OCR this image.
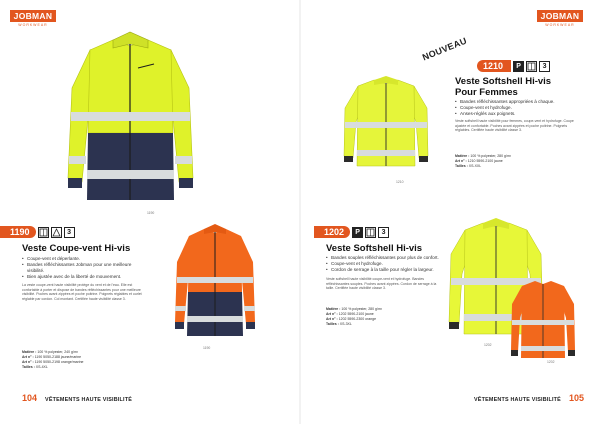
JOBMAN
WORKWEAR
1190
1190	3
Veste Coupe-vent Hi-vis
• Coupe-vent et déperlante.
• Bandes réfléchissantes Jobman pour une meilleure visibilité.
• Bien ajustée avec de la liberté de mouvement.
La veste coupe-vent haute visibilité protège du vent et de l'eau. Elle est confortable à porter et dispose de bandes réfléchissantes pour une meilleure visibilité. Poches avant zippées et poche poitrine. Poignets réglables et ourlet réglable par cordon. Col montant. Certifiée haute visibilité classe 3.
Matière : 100 % polyester, 240 g/m²
Art n° : 1190 5050-2188 jaune/marine
Art n° : 1190 5050-2198 orange/marine
Tailles : XS-4XL
1190
104 VÊTEMENTS HAUTE VISIBILITÉ
JOBMAN
WORKWEAR
NOUVEAU
1210
1210	P	3
Veste Softshell Hi-vis
Pour Femmes
• Bandes réfléchissantes appropriées à chaque.
• Coupe-vent et hydrofuge.
• Anses-réglés aux poignets.
Veste softshell haute visibilité pour femmes, coupe-vent et hydrofuge. Coupe ajustée et confortable. Poches avant zippées et poche poitrine. Poignets réglables. Certifiée haute visibilité classe 3.
Matière : 100 % polyester, 280 g/m²
Art n° : 1210 5590-2100 jaune
Tailles : XS-XXL
1202	P	3
Veste Softshell Hi-vis
• Bandes souples réfléchissantes pour plus de confort.
• Coupe-vent et hydrofuge.
• Cordon de serrage à la taille pour régler la largeur.
Veste softshell haute visibilité coupe-vent et hydrofuge. Bandes réfléchissantes souples. Poches avant zippées. Cordon de serrage à la taille. Certifiée haute visibilité classe 3.
Matière : 100 % polyester, 280 g/m²
Art n° : 1202 5590-2100 jaune
Art n° : 1202 5590-2300 orange
Tailles : XS-3XL
1202
1202
VÊTEMENTS HAUTE VISIBILITÉ 105
